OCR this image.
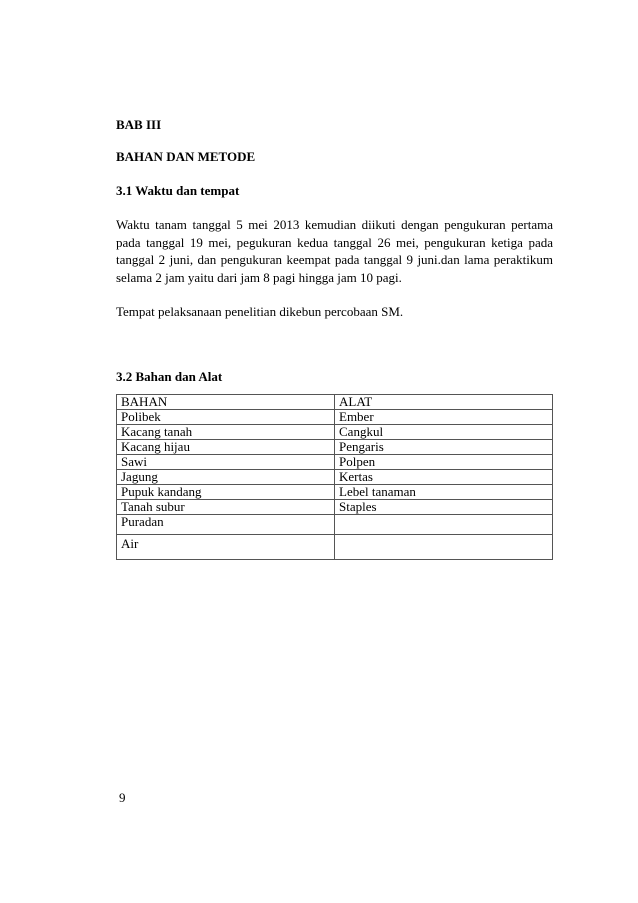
BAB III

BAHAN DAN METODE

3.1 Waktu dan tempat

Waktu tanam tanggal 5 mei 2013 kemudian diikuti dengan pengukuran pertama pada tanggal 19 mei, pegukuran kedua tanggal 26 mei, pengukuran ketiga pada tanggal 2 juni, dan pengukuran keempat pada tanggal 9 juni.dan lama peraktikum selama 2 jam yaitu dari jam 8 pagi hingga jam 10 pagi.

Tempat pelaksanaan penelitian dikebun percobaan SM.

3.2 Bahan dan Alat

BAHAN	ALAT
Polibek	Ember
Kacang tanah	Cangkul
Kacang hijau	Pengaris
Sawi	Polpen
Jagung	Kertas
Pupuk kandang	Lebel tanaman
Tanah subur	Staples
Puradan	
Air	
9
